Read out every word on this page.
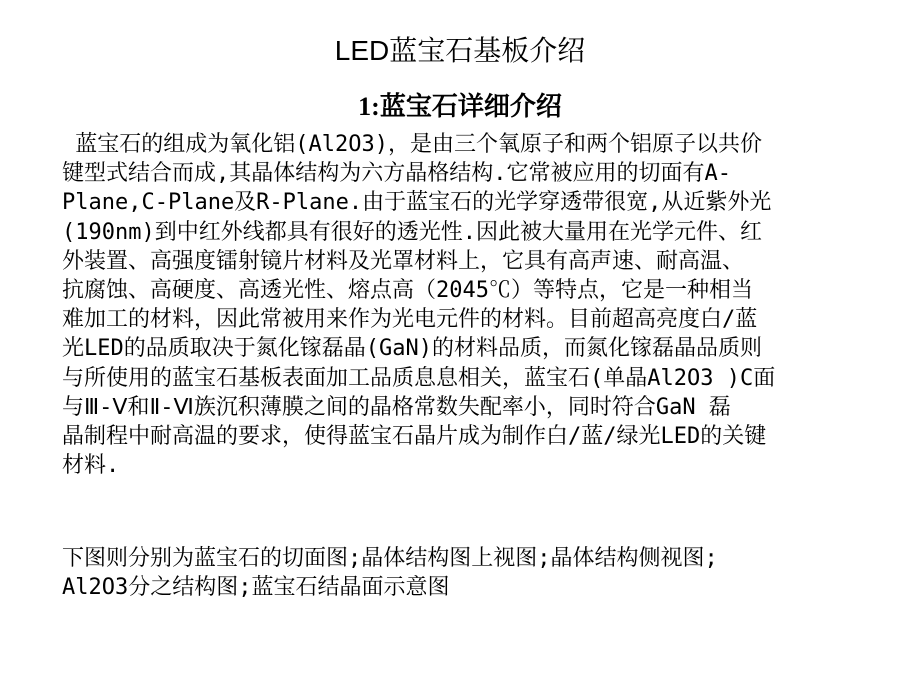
LED蓝宝石基板介绍
1:蓝宝石详细介绍
蓝宝石的组成为氧化铝(Al2O3)，是由三个氧原子和两个铝原子以共价
键型式结合而成,其晶体结构为六方晶格结构.它常被应用的切面有A-
Plane,C-Plane及R-Plane.由于蓝宝石的光学穿透带很宽,从近紫外光
(190nm)到中红外线都具有很好的透光性.因此被大量用在光学元件、红
外装置、高强度镭射镜片材料及光罩材料上，它具有高声速、耐高温、
抗腐蚀、高硬度、高透光性、熔点高（2045℃）等特点，它是一种相当
难加工的材料，因此常被用来作为光电元件的材料。目前超高亮度白/蓝
光LED的品质取决于氮化镓磊晶(GaN)的材料品质，而氮化镓磊晶品质则
与所使用的蓝宝石基板表面加工品质息息相关，蓝宝石(单晶Al2O3 )C面
与Ⅲ-Ⅴ和Ⅱ-Ⅵ族沉积薄膜之间的晶格常数失配率小，同时符合GaN 磊
晶制程中耐高温的要求，使得蓝宝石晶片成为制作白/蓝/绿光LED的关键
材料.
下图则分别为蓝宝石的切面图;晶体结构图上视图;晶体结构侧视图;
Al2O3分之结构图;蓝宝石结晶面示意图
